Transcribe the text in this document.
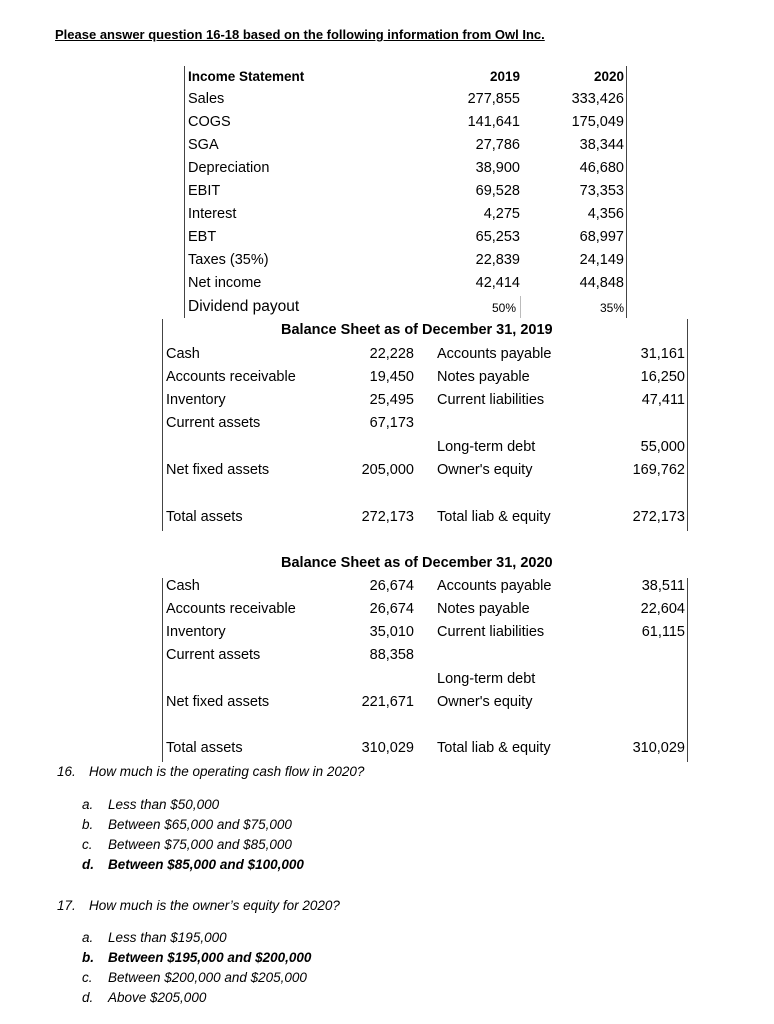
Please answer question 16-18 based on the following information from Owl Inc.
Income Statement	2019	2020
Sales	277,855	333,426
COGS	141,641	175,049
SGA	27,786	38,344
Depreciation	38,900	46,680
EBIT	69,528	73,353
Interest	4,275	4,356
EBT	65,253	68,997
Taxes (35%)	22,839	24,149
Net income	42,414	44,848
Dividend payout	50%	35%
Balance Sheet as of December 31, 2019
Cash	22,228 Accounts payable	31,161
Accounts receivable	19,450 Notes payable	16,250
Inventory	25,495 Current liabilities	47,411
Current assets	67,173
Long-term debt	55,000
Net fixed assets	205,000 Owner's equity	169,762
Total assets	272,173 Total liab & equity	272,173
Balance Sheet as of December 31, 2020
Cash	26,674 Accounts payable	38,511
Accounts receivable	26,674 Notes payable	22,604
Inventory	35,010 Current liabilities	61,115
Current assets	88,358
Long-term debt
Net fixed assets	221,671 Owner's equity
Total assets	310,029 Total liab & equity	310,029
16. How much is the operating cash flow in 2020?
a. Less than $50,000
b. Between $65,000 and $75,000
c. Between $75,000 and $85,000
d. Between $85,000 and $100,000
17. How much is the owner’s equity for 2020?
a. Less than $195,000
b. Between $195,000 and $200,000
c. Between $200,000 and $205,000
d. Above $205,000
